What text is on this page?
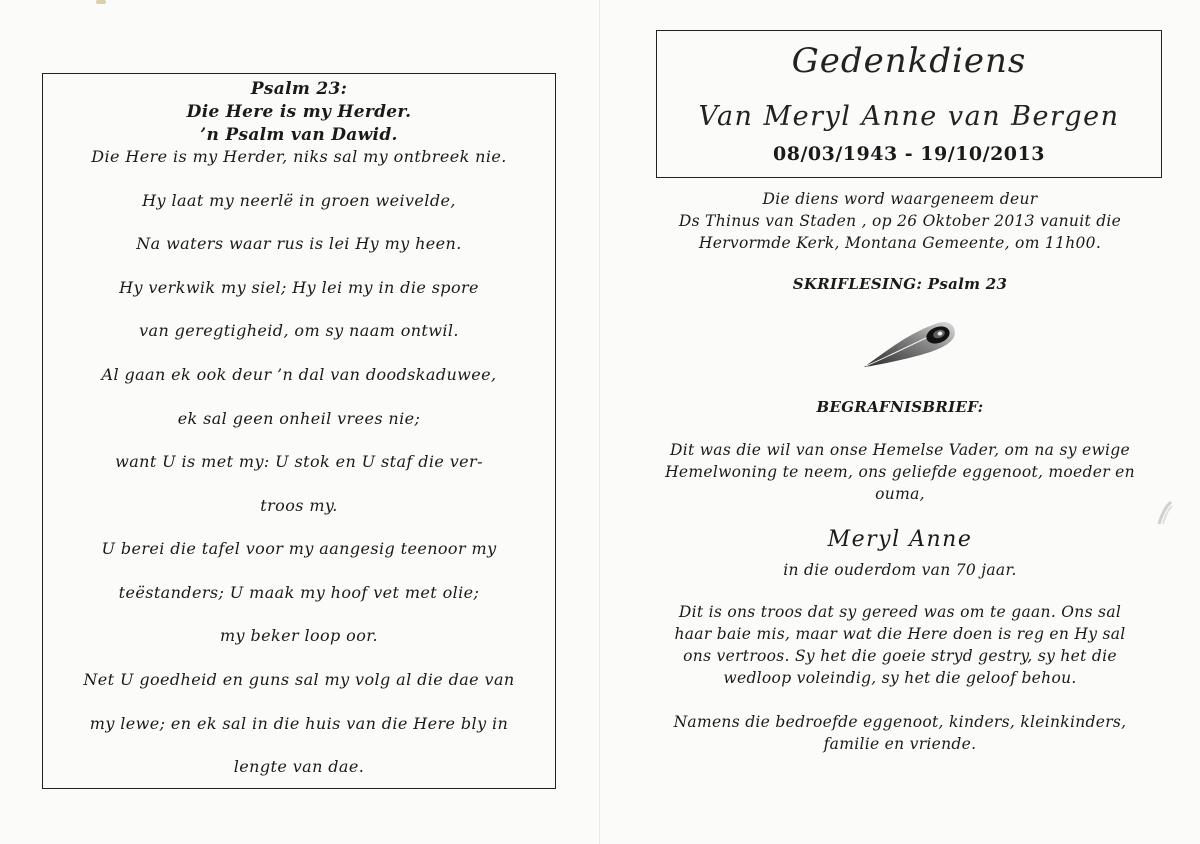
Psalm 23:
Die Here is my Herder.
’n Psalm van Dawid.
Die Here is my Herder, niks sal my ontbreek nie.
Hy laat my neerlë in groen weivelde,
Na waters waar rus is lei Hy my heen.
Hy verkwik my siel; Hy lei my in die spore
van geregtigheid, om sy naam ontwil.
Al gaan ek ook deur ’n dal van doodskaduwee,
ek sal geen onheil vrees nie;
want U is met my: U stok en U staf die ver-
troos my.
U berei die tafel voor my aangesig teenoor my
teëstanders; U maak my hoof vet met olie;
my beker loop oor.
Net U goedheid en guns sal my volg al die dae van
my lewe; en ek sal in die huis van die Here bly in
lengte van dae.
Gedenkdiens
Van Meryl Anne van Bergen
08/03/1943 - 19/10/2013
Die diens word waargeneem deur
Ds Thinus van Staden , op 26 Oktober 2013 vanuit die
Hervormde Kerk, Montana Gemeente, om 11h00.
SKRIFLESING: Psalm 23
BEGRAFNISBRIEF:
Dit was die wil van onse Hemelse Vader, om na sy ewige
Hemelwoning te neem, ons geliefde eggenoot, moeder en
ouma,
Meryl Anne
in die ouderdom van 70 jaar.
Dit is ons troos dat sy gereed was om te gaan. Ons sal
haar baie mis, maar wat die Here doen is reg en Hy sal
ons vertroos. Sy het die goeie stryd gestry, sy het die
wedloop voleindig, sy het die geloof behou.
Namens die bedroefde eggenoot, kinders, kleinkinders,
familie en vriende.
